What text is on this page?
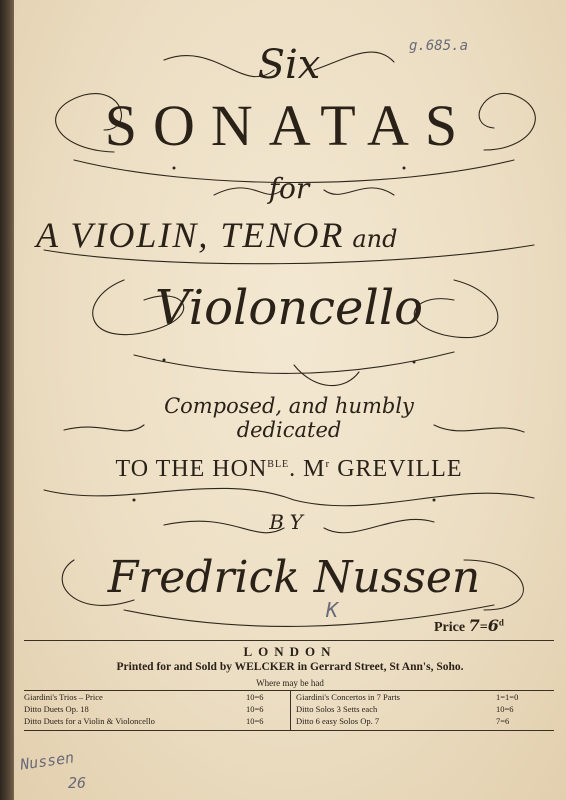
g.685.a
Six
SONATAS
for
A VIOLIN, TENOR and
Violoncello
Composed, and humbly dedicated
TO THE $HON^{BLE}$. $M^r$ GREVILLE
BY
Fredrick Nussen
K
Price $7=6^d$
LONDON
Printed for and Sold by WELCKER in Gerrard Street, St Ann's, Soho.
Where may be had
Giardini's Trios – Price	10=6
Ditto Duets Op. 18	10=6
Ditto Duets for a Violin & Violoncello	10=6
Giardini's Concertos in 7 Parts	1=1=0
Ditto Solos 3 Setts each	10=6
Ditto 6 easy Solos Op. 7	7=6
Nussen
26
